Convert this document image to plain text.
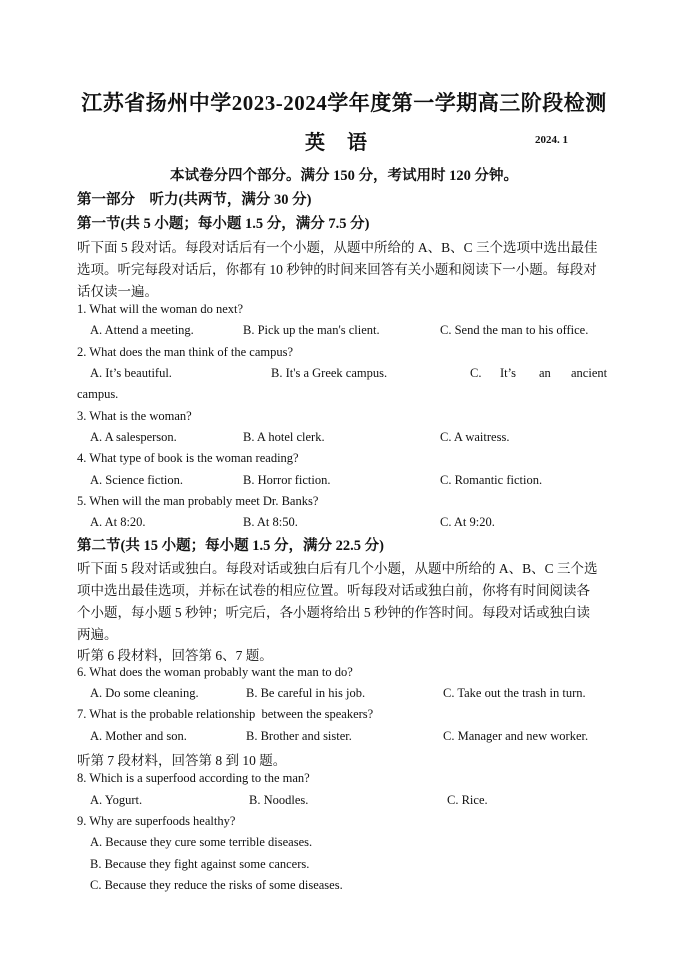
江苏省扬州中学2023-2024学年度第一学期高三阶段检测
英语	2024. 1
本试卷分四个部分。满分 150 分，考试用时 120 分钟。
第一部分    听力(共两节，满分 30 分)
第一节(共 5 小题；每小题 1.5 分，满分 7.5 分)
听下面 5 段对话。每段对话后有一个小题，从题中所给的 A、B、C 三个选项中选出最佳
选项。听完每段对话后，你都有 10 秒钟的时间来回答有关小题和阅读下一小题。每段对
话仅读一遍。
1. What will the woman do next?
A. Attend a meeting.	B. Pick up the man's client.	C. Send the man to his office.
2. What does the man think of the campus?
A. It’s beautiful.	B. It's a Greek campus.	C. It’s an ancient
campus.
3. What is the woman?
A. A salesperson.	B. A hotel clerk.	C. A waitress.
4. What type of book is the woman reading?
A. Science fiction.	B. Horror fiction.	C. Romantic fiction.
5. When will the man probably meet Dr. Banks?
A. At 8:20.	B. At 8:50.	C. At 9:20.
第二节(共 15 小题；每小题 1.5 分，满分 22.5 分)
听下面 5 段对话或独白。每段对话或独白后有几个小题，从题中所给的 A、B、C 三个选
项中选出最佳选项，并标在试卷的相应位置。听每段对话或独白前，你将有时间阅读各
个小题，每小题 5 秒钟；听完后，各小题将给出 5 秒钟的作答时间。每段对话或独白读
两遍。
听第 6 段材料，回答第 6、7 题。
6. What does the woman probably want the man to do?
A. Do some cleaning.	B. Be careful in his job.	C. Take out the trash in turn.
7. What is the probable relationship  between the speakers?
A. Mother and son.	B. Brother and sister.	C. Manager and new worker.
听第 7 段材料，回答第 8 到 10 题。
8. Which is a superfood according to the man?
A. Yogurt.	B. Noodles.	C. Rice.
9. Why are superfoods healthy?
A. Because they cure some terrible diseases.
B. Because they fight against some cancers.
C. Because they reduce the risks of some diseases.
